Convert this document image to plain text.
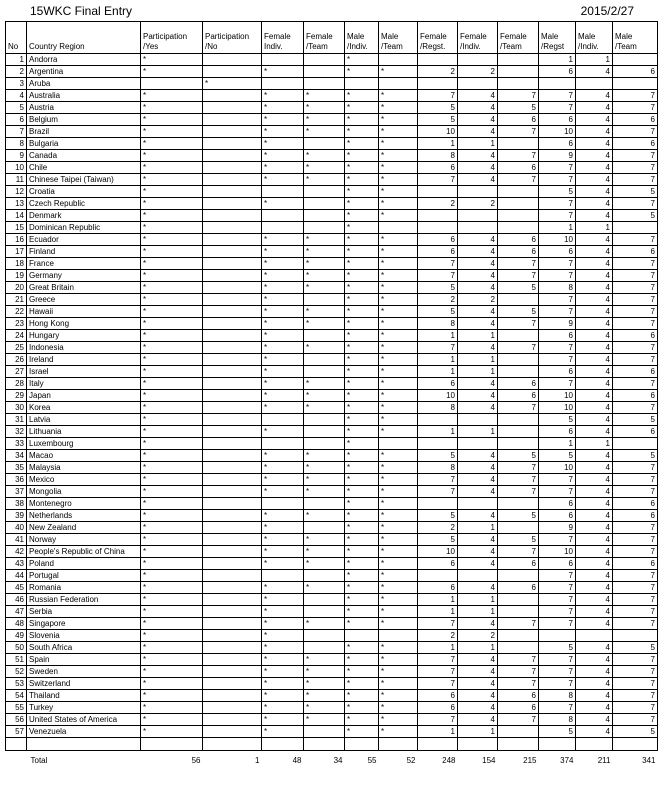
15WKC Final Entry	2015/2/27
No	Country Region	Participation /Yes	Participation /No	Female Indiv.	Female /Team	Male /Indiv.	Male /Team	Female /Regst.	Female /Indiv.	Female /Team	Male /Regst	Male /Indiv.	Male /Team
1	Andorra	*				*					1	1	
2	Argentina	*		*		*	*	2	2		6	4	6
3	Aruba		*										
4	Australia	*		*	*	*	*	7	4	7	7	4	7
5	Austria	*		*	*	*	*	5	4	5	7	4	7
6	Belgium	*		*	*	*	*	5	4	6	6	4	6
7	Brazil	*		*	*	*	*	10	4	7	10	4	7
8	Bulgaria	*		*		*	*	1	1		6	4	6
9	Canada	*		*	*	*	*	8	4	7	9	4	7
10	Chile	*		*	*	*	*	6	4	6	7	4	7
11	Chinese Taipei (Taiwan)	*		*	*	*	*	7	4	7	7	4	7
12	Croatia	*				*	*				5	4	5
13	Czech Republic	*		*		*	*	2	2		7	4	7
14	Denmark	*				*	*				7	4	5
15	Dominican Republic	*				*					1	1	
16	Ecuador	*		*	*	*	*	6	4	6	10	4	7
17	Finland	*		*	*	*	*	6	4	6	6	4	6
18	France	*		*	*	*	*	7	4	7	7	4	7
19	Germany	*		*	*	*	*	7	4	7	7	4	7
20	Great Britain	*		*	*	*	*	5	4	5	8	4	7
21	Greece	*		*		*	*	2	2		7	4	7
22	Hawaii	*		*	*	*	*	5	4	5	7	4	7
23	Hong Kong	*		*	*	*	*	8	4	7	9	4	7
24	Hungary	*		*		*	*	1	1		6	4	6
25	Indonesia	*		*	*	*	*	7	4	7	7	4	7
26	Ireland	*		*		*	*	1	1		7	4	7
27	Israel	*		*		*	*	1	1		6	4	6
28	Italy	*		*	*	*	*	6	4	6	7	4	7
29	Japan	*		*	*	*	*	10	4	6	10	4	6
30	Korea	*		*	*	*	*	8	4	7	10	4	7
31	Latvia	*				*	*				5	4	5
32	Lithuania	*		*		*	*	1	1		6	4	6
33	Luxembourg	*				*					1	1	
34	Macao	*		*	*	*	*	5	4	5	5	4	5
35	Malaysia	*		*	*	*	*	8	4	7	10	4	7
36	Mexico	*		*	*	*	*	7	4	7	7	4	7
37	Mongolia	*		*	*	*	*	7	4	7	7	4	7
38	Montenegro	*				*	*				6	4	6
39	Netherlands	*		*	*	*	*	5	4	5	6	4	6
40	New Zealand	*		*		*	*	2	1		9	4	7
41	Norway	*		*	*	*	*	5	4	5	7	4	7
42	People's Republic of China	*		*	*	*	*	10	4	7	10	4	7
43	Poland	*		*	*	*	*	6	4	6	6	4	6
44	Portugal	*				*	*				7	4	7
45	Romania	*		*	*	*	*	6	4	6	7	4	7
46	Russian Federation	*		*		*	*	1	1		7	4	7
47	Serbia	*		*		*	*	1	1		7	4	7
48	Singapore	*		*	*	*	*	7	4	7	7	4	7
49	Slovenia	*		*				2	2				
50	South Africa	*		*		*	*	1	1		5	4	5
51	Spain	*		*	*	*	*	7	4	7	7	4	7
52	Sweden	*		*	*	*	*	7	4	7	7	4	7
53	Switzerland	*		*	*	*	*	7	4	7	7	4	7
54	Thailand	*		*	*	*	*	6	4	6	8	4	7
55	Turkey	*		*	*	*	*	6	4	6	7	4	7
56	United States of America	*		*	*	*	*	7	4	7	8	4	7
57	Venezuela	*		*		*	*	1	1		5	4	5

Total		56	1	48	34	55	52	248	154	215	374	211	341
